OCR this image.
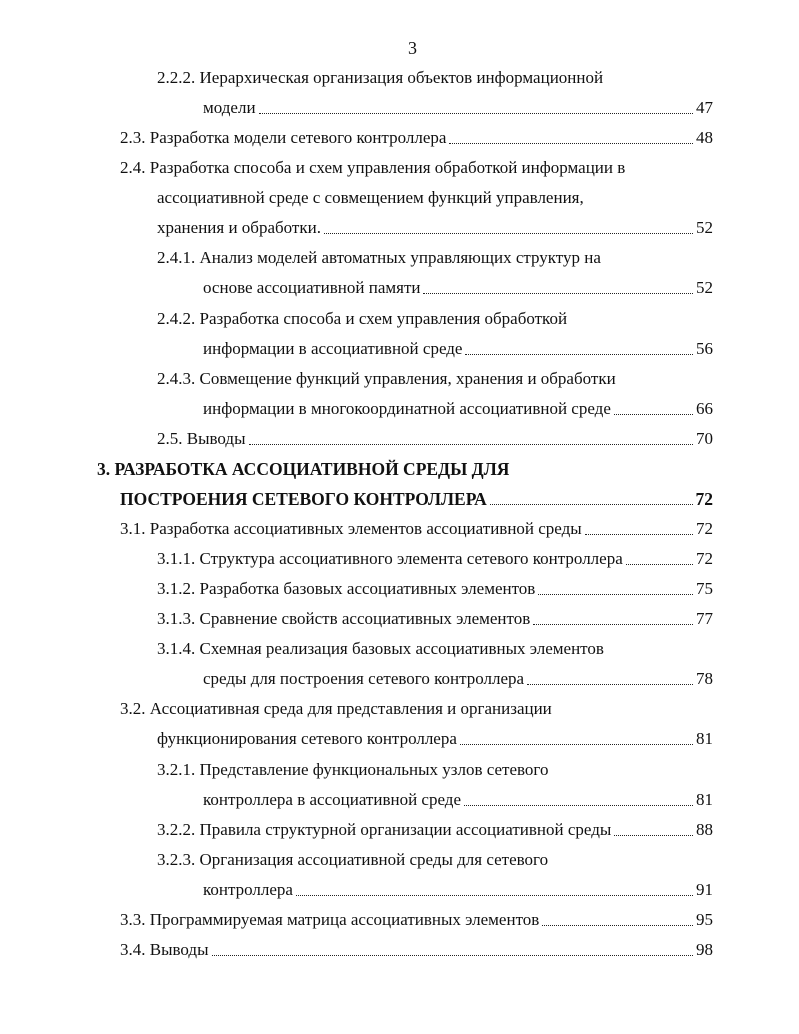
3
2.2.2. Иерархическая организация объектов информационной
модели	47
2.3. Разработка модели сетевого контроллера	48
2.4. Разработка способа и схем управления обработкой информации в
ассоциативной среде с совмещением функций управления,
хранения и обработки.	52
2.4.1. Анализ моделей автоматных управляющих структур на
основе ассоциативной памяти	52
2.4.2. Разработка способа и схем управления обработкой
информации в ассоциативной среде	56
2.4.3. Совмещение функций управления, хранения и обработки
информации в многокоординатной ассоциативной среде	66
2.5. Выводы	70
3. РАЗРАБОТКА АССОЦИАТИВНОЙ СРЕДЫ ДЛЯ
ПОСТРОЕНИЯ СЕТЕВОГО КОНТРОЛЛЕРА	72
3.1. Разработка ассоциативных элементов ассоциативной среды	72
3.1.1. Структура ассоциативного элемента сетевого контроллера	72
3.1.2. Разработка базовых ассоциативных элементов	75
3.1.3. Сравнение свойств ассоциативных элементов	77
3.1.4. Схемная реализация базовых ассоциативных элементов
среды для построения сетевого контроллера	78
3.2. Ассоциативная среда для представления и организации
функционирования сетевого контроллера	81
3.2.1. Представление функциональных узлов сетевого
контроллера в ассоциативной среде	81
3.2.2. Правила структурной организации ассоциативной среды	88
3.2.3. Организация ассоциативной среды для сетевого
контроллера	91
3.3. Программируемая матрица ассоциативных элементов	95
3.4. Выводы	98
